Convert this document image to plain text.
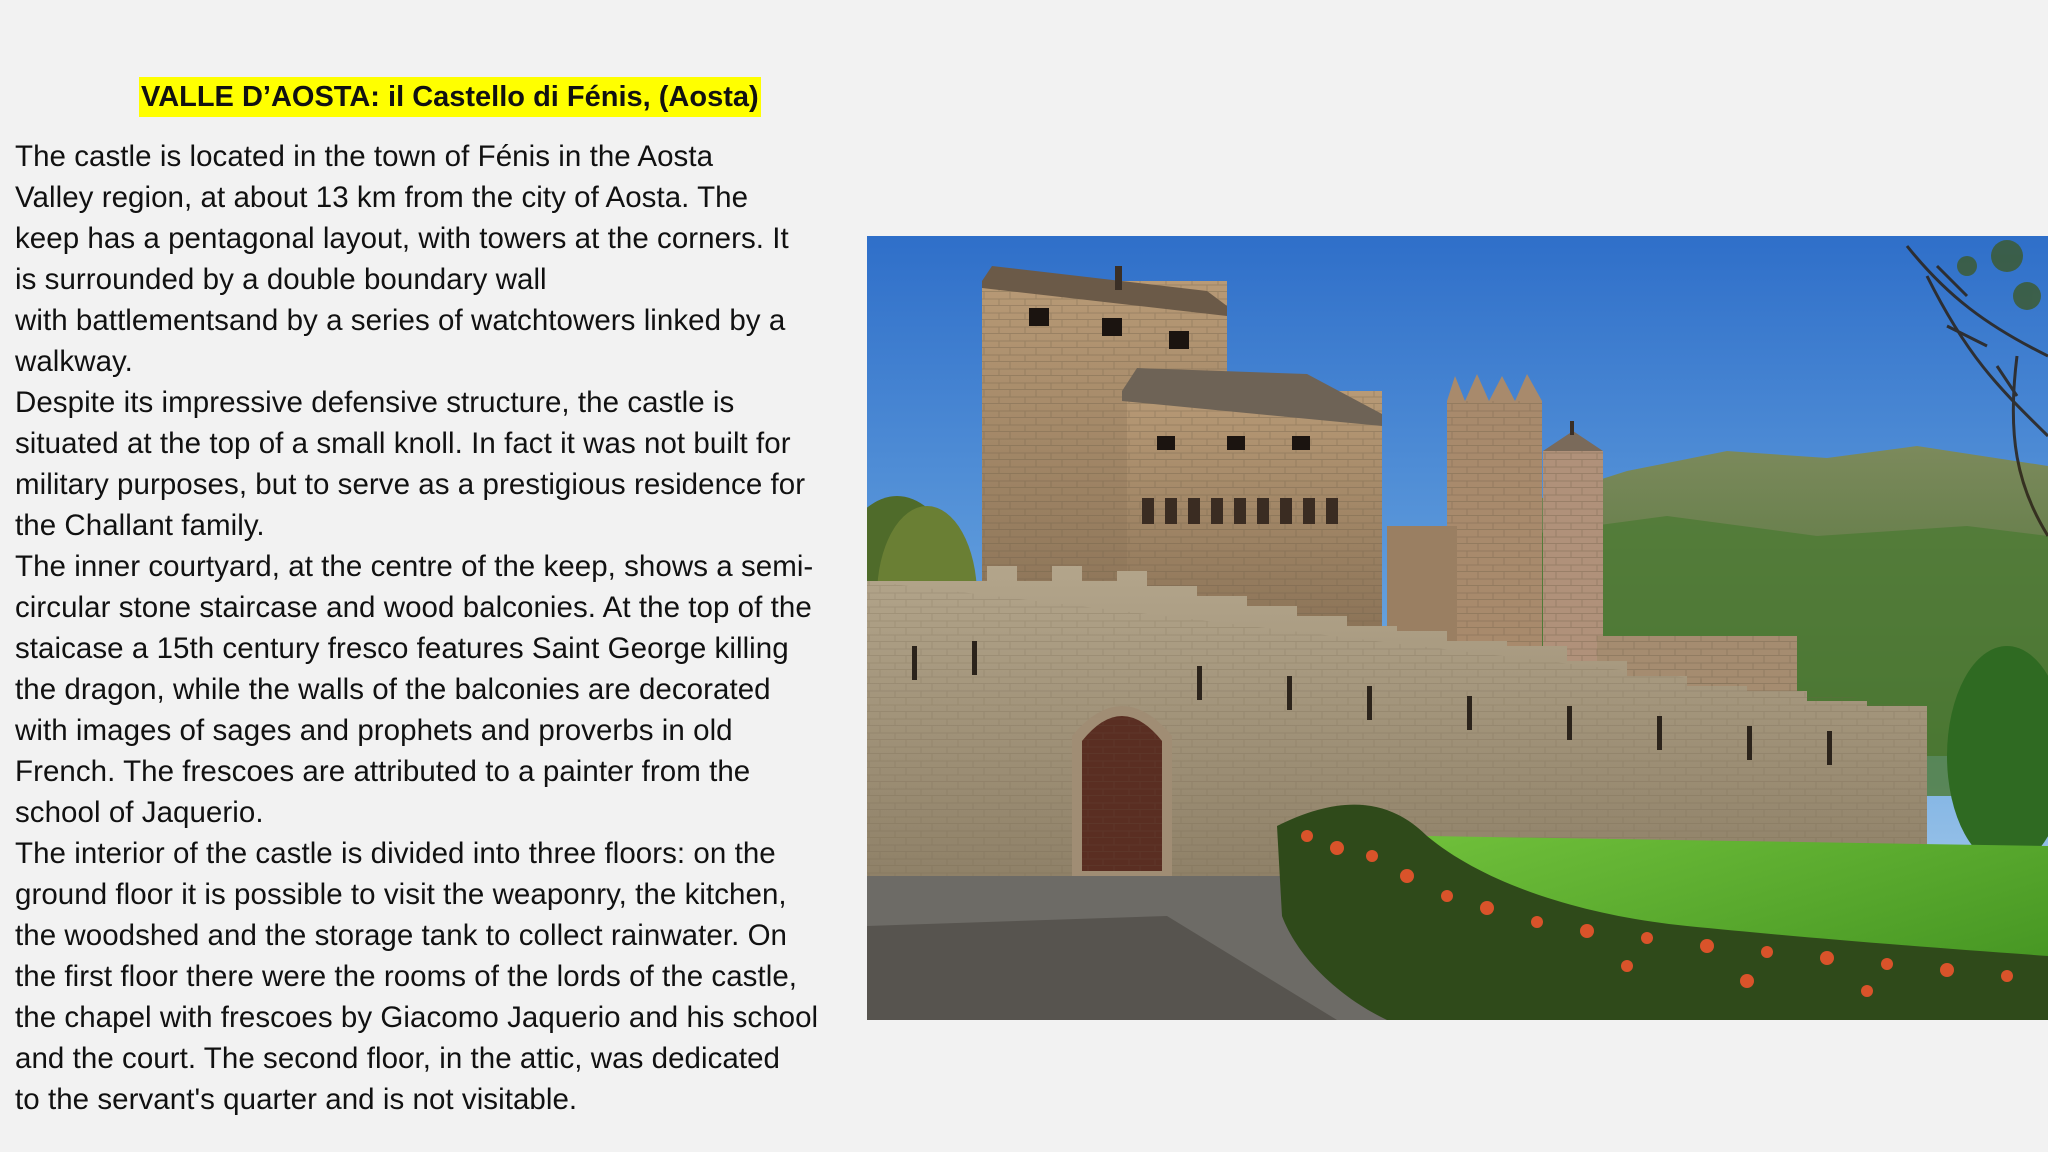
VALLE D’AOSTA: il Castello di Fénis, (Aosta)
The castle is located in the town of Fénis in the Aosta
Valley region, at about 13 km from the city of Aosta. The
keep has a pentagonal layout, with towers at the corners. It
is surrounded by a double boundary wall
with battlementsand by a series of watchtowers linked by a
walkway.
Despite its impressive defensive structure, the castle is
situated at the top of a small knoll. In fact it was not built for
military purposes, but to serve as a prestigious residence for
the Challant family.
The inner courtyard, at the centre of the keep, shows a semi-
circular stone staircase and wood balconies. At the top of the
staicase a 15th century fresco features Saint George killing
the dragon, while the walls of the balconies are decorated
with images of sages and prophets and proverbs in old
French. The frescoes are attributed to a painter from the
school of Jaquerio.
The interior of the castle is divided into three floors: on the
ground floor it is possible to visit the weaponry, the kitchen,
the woodshed and the storage tank to collect rainwater. On
the first floor there were the rooms of the lords of the castle,
the chapel with frescoes by Giacomo Jaquerio and his school
and the court. The second floor, in the attic, was dedicated
to the servant's quarter and is not visitable.
